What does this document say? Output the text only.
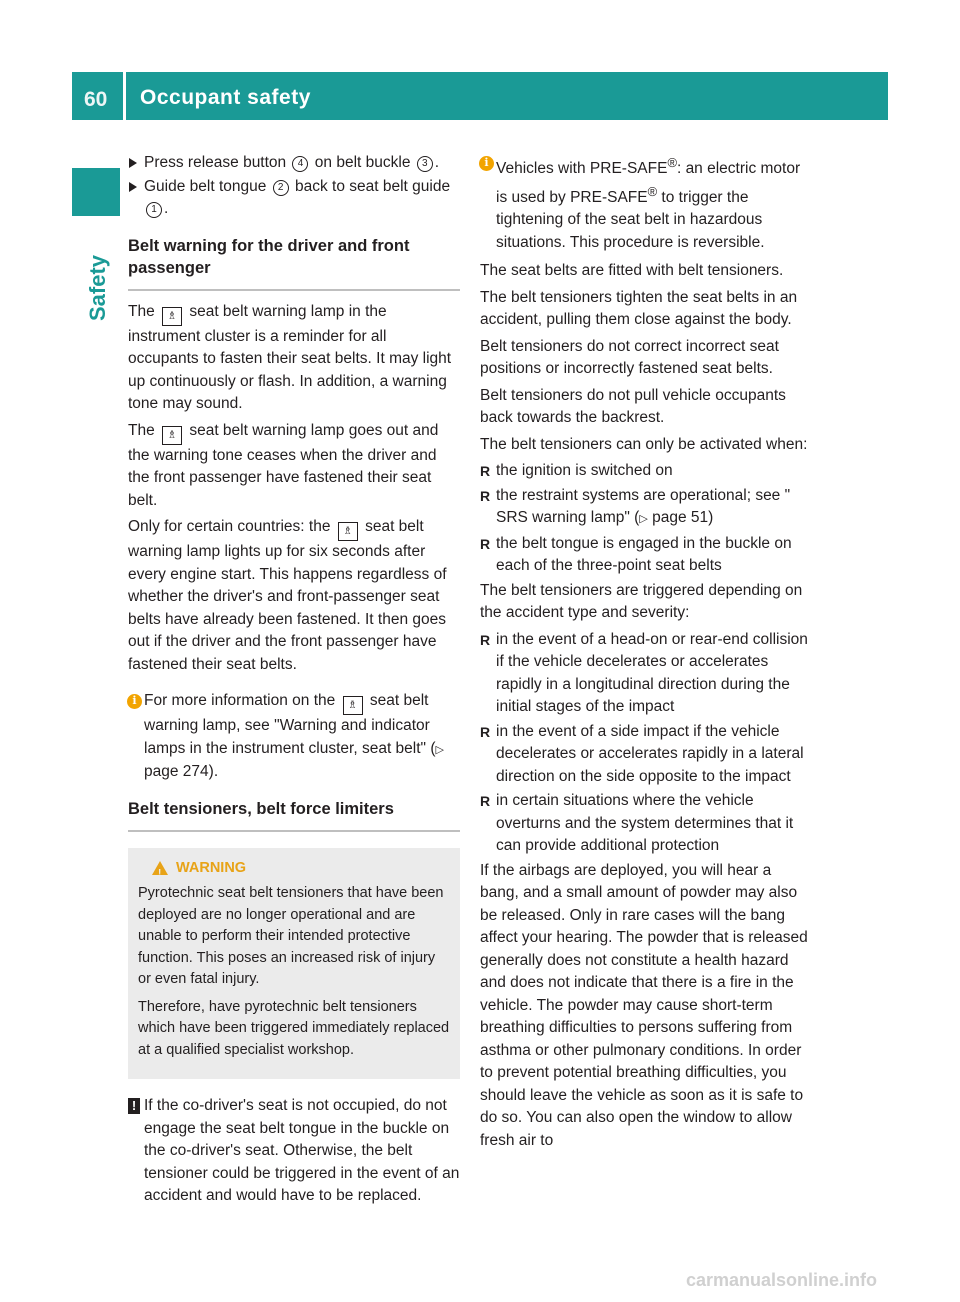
60 Occupant safety
Safety
Press release button 4 on belt buckle 3 .
Guide belt tongue 2 back to seat belt guide 1 .
Belt warning for the driver and front passenger

The ♗ seat belt warning lamp in the instrument cluster is a reminder for all occupants to fasten their seat belts. It may light up continuously or flash. In addition, a warning tone may sound.

The ♗ seat belt warning lamp goes out and the warning tone ceases when the driver and the front passenger have fastened their seat belt.

Only for certain countries: the ♗ seat belt warning lamp lights up for six seconds after every engine start. This happens regardless of whether the driver's and front-passenger seat belts have already been fastened. It then goes out if the driver and the front passenger have fastened their seat belts.

i For more information on the ♗ seat belt warning lamp, see "Warning and indicator lamps in the instrument cluster, seat belt" (▷ page 274).
Belt tensioners, belt force limiters
!
WARNING

Pyrotechnic seat belt tensioners that have been deployed are no longer operational and are unable to perform their intended protective function. This poses an increased risk of injury or even fatal injury.

Therefore, have pyrotechnic belt tensioners which have been triggered immediately replaced at a qualified specialist workshop.

! If the co-driver's seat is not occupied, do not engage the seat belt tongue in the buckle on the co-driver's seat. Otherwise, the belt tensioner could be triggered in the event of an accident and would have to be replaced.
i Vehicles with PRE-SAFE®: an electric motor is used by PRE-SAFE® to trigger the tightening of the seat belt in hazardous situations. This procedure is reversible.

The seat belts are fitted with belt tensioners.

The belt tensioners tighten the seat belts in an accident, pulling them close against the body.

Belt tensioners do not correct incorrect seat positions or incorrectly fastened seat belts.

Belt tensioners do not pull vehicle occupants back towards the backrest.

The belt tensioners can only be activated when:

R the ignition is switched on
R the restraint systems are operational; see " SRS warning lamp" (▷ page 51)
R the belt tongue is engaged in the buckle on each of the three-point seat belts

The belt tensioners are triggered depending on the accident type and severity:

R in the event of a head-on or rear-end collision if the vehicle decelerates or accelerates rapidly in a longitudinal direction during the initial stages of the impact
R in the event of a side impact if the vehicle decelerates or accelerates rapidly in a lateral direction on the side opposite to the impact
R in certain situations where the vehicle overturns and the system determines that it can provide additional protection

If the airbags are deployed, you will hear a bang, and a small amount of powder may also be released. Only in rare cases will the bang affect your hearing. The powder that is released generally does not constitute a health hazard and does not indicate that there is a fire in the vehicle. The powder may cause short-term breathing difficulties to persons suffering from asthma or other pulmonary conditions. In order to prevent potential breathing difficulties, you should leave the vehicle as soon as it is safe to do so. You can also open the window to allow fresh air to

carmanualsonline.info
